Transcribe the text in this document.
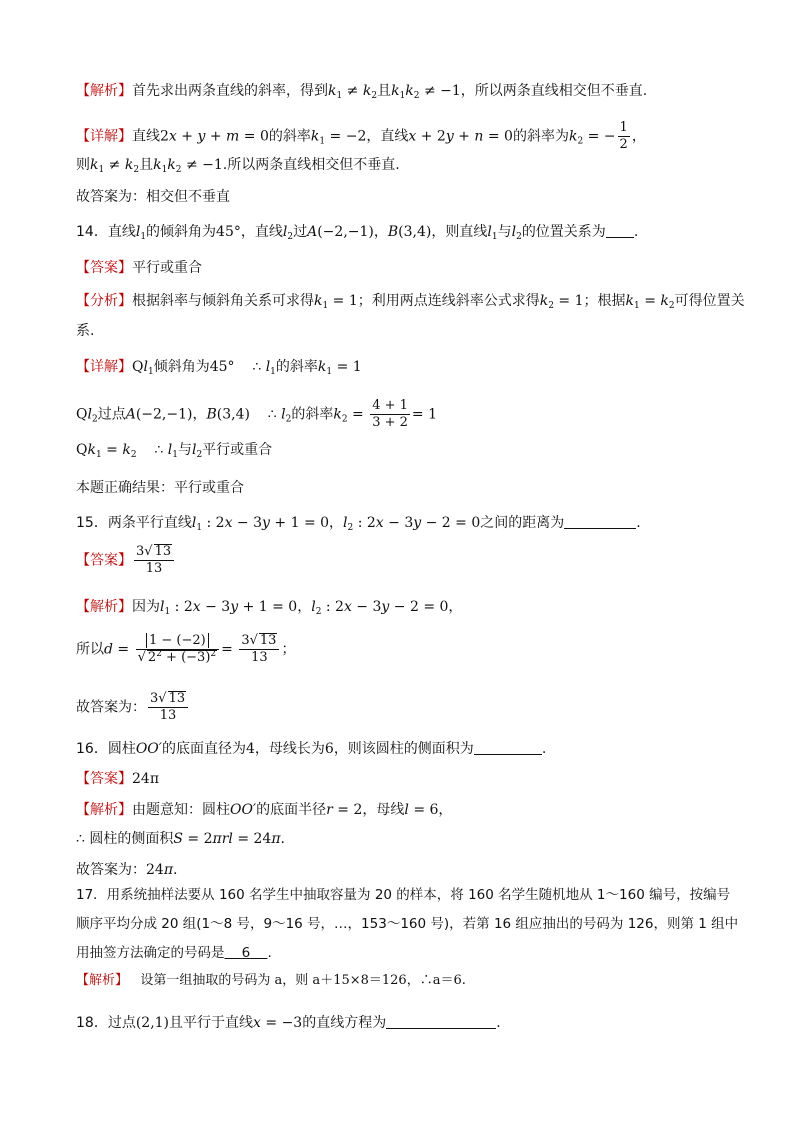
【解析】首先求出两条直线的斜率，得到$k_1 \ne k_2$且$k_1k_2 \ne -1$，所以两条直线相交但不垂直.
【详解】直线2x + y + m = 0的斜率$k_1 = -2$，直线x + 2y + n = 0的斜率为$k_2$ = − $\frac{1}{2}$ ，
则$k_1 \ne k_2$且$k_1k_2 \ne -1$.所以两条直线相交但不垂直.
故答案为：相交但不垂直
14．直线$l_1$的倾斜角为45°，直线$l_2$过A(−2,−1)，B(3,4)，则直线$l_1$与$l_2$的位置关系为 .
【答案】平行或重合
【分析】根据斜率与倾斜角关系可求得$k_1 = 1$；利用两点连线斜率公式求得$k_2 = 1$；根据$k_1 = k_2$可得位置关
系.
【详解】$Ql_1$倾斜角为45°    ∴ $l_1$的斜率$k_1 = 1$
$Ql_2$过点A(−2,−1)，B(3,4)    ∴ $l_2$的斜率$k_2 = \frac{4 + 1}{3 + 2} = 1$
$Qk_1 = k_2$    ∴ $l_1$与$l_2$平行或重合
本题正确结果：平行或重合
15．两条平行直线$l_1$ : 2x − 3y + 1 = 0，$l_2$ : 2x − 3y − 2 = 0之间的距离为	.
【答案】 $\frac{3√ 13}{13}$
【解析】因为$l_1$ : 2x − 3y + 1 = 0，$l_2$ : 2x − 3y − 2 = 0，
所以$d = \frac{1 - (-2)}{√ 2^2 + (-3)^2} = \frac{3√ 13}{13}$ ；
故答案为： $\frac{3√ 13}{13}$
16．圆柱OO′的底面直径为4，母线长为6，则该圆柱的侧面积为	.
【答案】24π
【解析】由题意知：圆柱OO′的底面半径r = 2，母线l = 6，
∴ 圆柱的侧面积S = 2πrl = 24π.
故答案为：24π.
17．用系统抽样法要从 160 名学生中抽取容量为 20 的样本，将 160 名学生随机地从 1～160 编号，按编号
顺序平均分成 20 组(1～8 号，9～16 号，…，153～160 号)，若第 16 组应抽出的号码为 126，则第 1 组中
用抽签方法确定的号码是 6 .
【解析】 设第一组抽取的号码为 a，则 a＋15×8＝126，∴a＝6.
18．过点(2,1)且平行于直线x = −3的直线方程为	.
